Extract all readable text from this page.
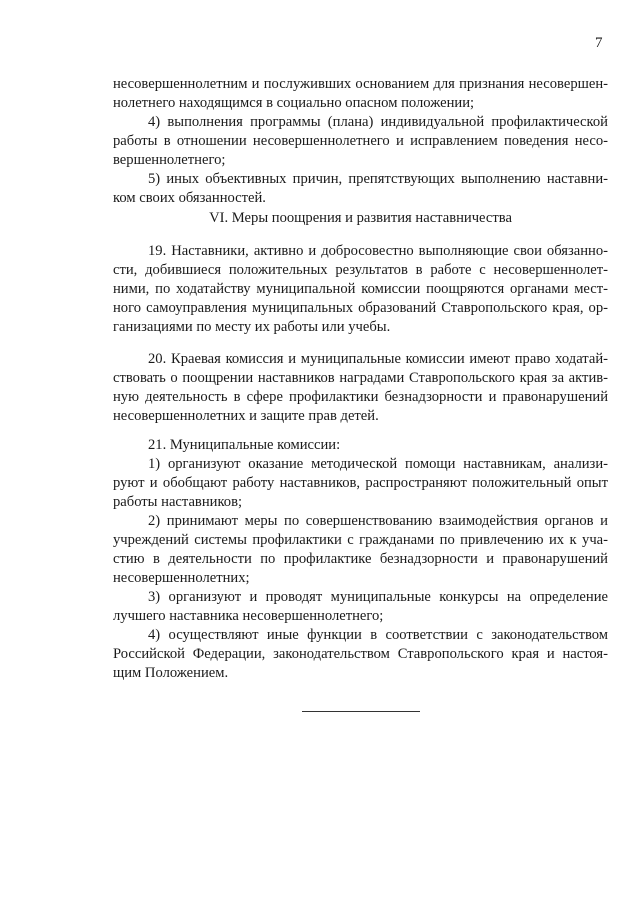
7
несовершеннолетним и послуживших основанием для признания несовершен-
нолетнего находящимся в социально опасном положении;
4) выполнения программы (плана) индивидуальной профилактической
работы в отношении несовершеннолетнего и исправлением поведения несо-
вершеннолетнего;
5) иных объективных причин, препятствующих выполнению наставни-
ком своих обязанностей.
VI. Меры поощрения и развития наставничества
19. Наставники, активно и добросовестно выполняющие свои обязанно-
сти, добившиеся положительных результатов в работе с несовершеннолет-
ними, по ходатайству муниципальной комиссии поощряются органами мест-
ного самоуправления муниципальных образований Ставропольского края, ор-
ганизациями по месту их работы или учебы.
20. Краевая комиссия и муниципальные комиссии имеют право ходатай-
ствовать о поощрении наставников наградами Ставропольского края за актив-
ную деятельность в сфере профилактики безнадзорности и правонарушений
несовершеннолетних и защите прав детей.
21. Муниципальные комиссии:
1) организуют оказание методической помощи наставникам, анализи-
руют и обобщают работу наставников, распространяют положительный опыт
работы наставников;
2) принимают меры по совершенствованию взаимодействия органов и
учреждений системы профилактики с гражданами по привлечению их к уча-
стию в деятельности по профилактике безнадзорности и правонарушений
несовершеннолетних;
3) организуют и проводят муниципальные конкурсы на определение
лучшего наставника несовершеннолетнего;
4) осуществляют иные функции в соответствии с законодательством
Российской Федерации, законодательством Ставропольского края и настоя-
щим Положением.
